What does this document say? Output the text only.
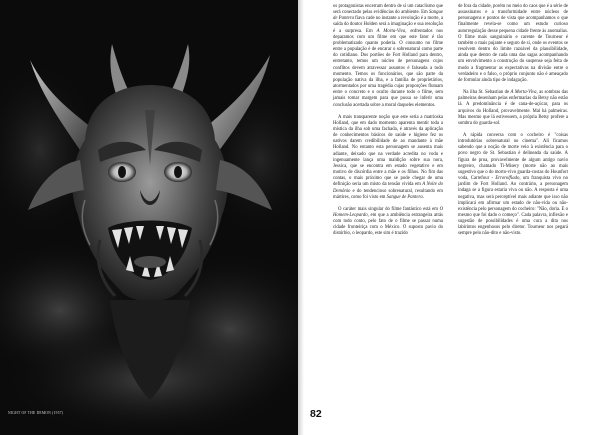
NIGHT OF THE DEMON (1957)

os protagonistas encerram dentro de si um cataclismo que será conectado pelas evidências do ambiente. Em Sangue de Pantera fiava cade no instante a revolução é a morte, a saída do doutor Holden será a imaginação e sua resolução é a surpresa. Em A Morta-Viva, enfrentados nos deparamos com um filme em que este fator é tão problematizado quanto poderia. O consumo no filme entre a população é de encarar o sobrenatural como parte do cotidiano. Dos portões de Fort Holland para dentro, entretanto, temos um núcleo de personagens cujos conflitos devem atravessar assuntos é falseada a todo momento. Temos os funcionários, que são parte da população nativa da ilha, e a família de proprietários, atormentados por uma tragédia cujas proporções flutuam entre o concreto e o oculto durante todo o filme, sem jamais tomar margem para que possa se inferir uma conclusão acertada sobre a moral daqueles elementos.

A mais transparente noção que este seria a matrioska Holland, que em dado momento aparenta mentir toda a mística da ilha sob uma fachada, é através da aplicação de conhecimentos básicos de saúde e higiene fez os nativos darem credibilidade de ao mandante à mãe Holland. No entanto esta personagem se ausenta mais adiante, deixado que na verdade acredita no vodu e ingenuamente lança uma maldição sobre sua nora, Jessica, que se encontra em estado vegetativo e em motivo de discórdia entre a mãe e os filhos. No fim das contas, o mais próximo que se pode chegar de uma definição seria um misto da tensão vivida em A Noite do Demônio e do tendencioso sobrenatural, resultando em mártires, como foi visto em Sangue de Pantera.

O caráter mais singular do filme fantástico está em O Homem-Leopardo, em que a ambiência estrangeira atrás com todo conto, pelo fato de o filme se passar numa cidade fronteiriça com o México. O suposto pavio do distúrbio, o leopardo, este sim é trazido

de fora da cidade, porém no meio do caos que é a série de assassinatos e a transformidade entre núcleos de personagens e pontos de vista que acompanhamos o que finalmente revela-se como um estudo curioso autorregulação desse pequena cidade frente às anomalias. O filme mais sanguinário e carente de Tourneur é também o mais pujante e seguro de si, onde os eventos se resolvem dentro do limite razoável da plausibilidade, ainda que dentro de cada uma das sagas acompanhando um envolvimento a construção do suspense seja feita de modo a fragmentar as expectativas na divisão entre o verdadeiro e o falso, o próprio conjunto não é ameaçado de formular ainda tipo de indagação.

Na ilha St. Sebastian de A Morta-Viva, as sombras das palmeiras desenham pelas enfermarias da Betsy não estão lá. A predominância é de cana-de-açúcar, para os arquivos do Holland, provavelmente. Mal há palmeiras. Mas mesmo que lá estivessem, a própria Betsy profere a sombra do guarda-sol.

A rápida conversa com o cocheiro é "coisas introdutórias sobrenatural no cinema". Ali ficamos sabendo que a noção de morte veio à existência para o povo negro de St. Sebastian é delineada da saúde. A figura de proa, provavelmente de algum antigo navio negreiro, chamado Ti-Misery (morte não ao mais sugestivo que o do morto-vivo guarda-costas do Hounfort voda, Carrefour - Errorolfiado, um franquista vivo no jardim de Fort Holland. Ao contrário, a personagem indaga se a figura estaria viva ou não. A resposta é uma negativa, mas será perceptível mais adiante que isso não implicará em afirmar um estado de não-vida ou não-existência pelo personagem do cocheiro: "Não, doria. E o mesmo que foi dado o começo". Cada palavra, inflexão e sugestão de possibilidades é uma cura a dita nos labirintos engenhosos pelo diretor. Tourneur nos pegará sempre pelo não-dito e não-visto.

82
